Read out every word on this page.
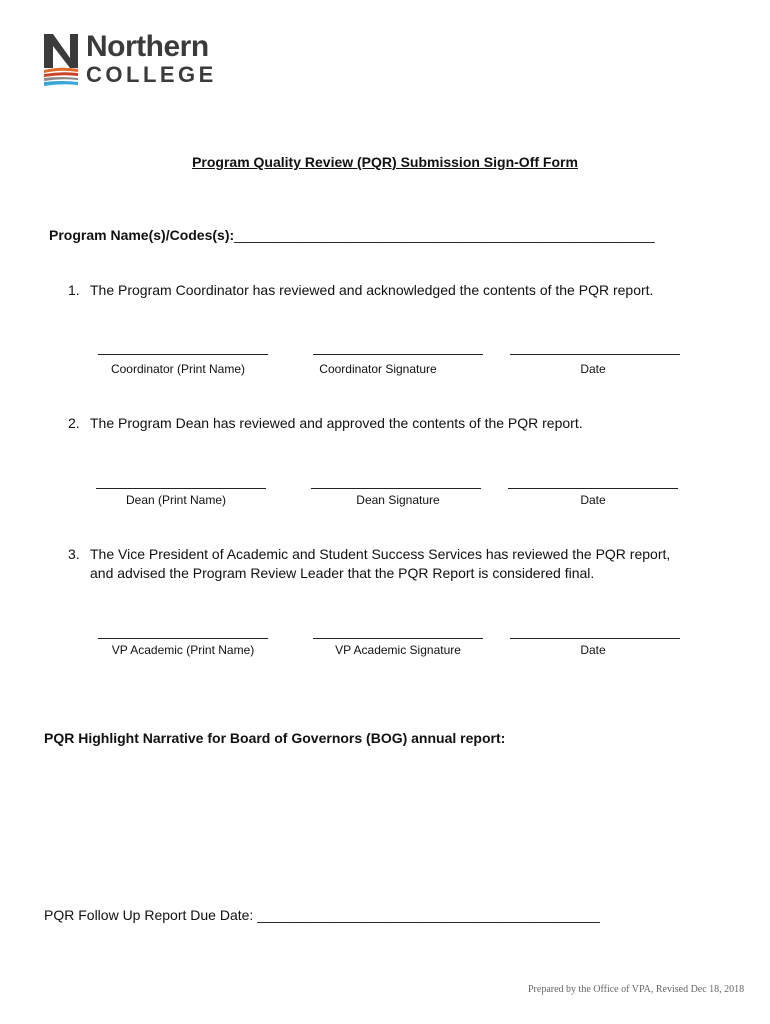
Northern
COLLEGE
Program Quality Review (PQR) Submission Sign-Off Form
Program Name(s)/Codes(s):______________________________________________________
1. The Program Coordinator has reviewed and acknowledged the contents of the PQR report.
Coordinator (Print Name)	Coordinator Signature	Date
2. The Program Dean has reviewed and approved the contents of the PQR report.
Dean (Print Name)	Dean Signature	Date
3. The Vice President of Academic and Student Success Services has reviewed the PQR report,
and advised the Program Review Leader that the PQR Report is considered final.
VP Academic (Print Name)	VP Academic Signature	Date
PQR Highlight Narrative for Board of Governors (BOG) annual report:
PQR Follow Up Report Due Date: ____________________________________________
Prepared by the Office of VPA, Revised Dec 18, 2018
